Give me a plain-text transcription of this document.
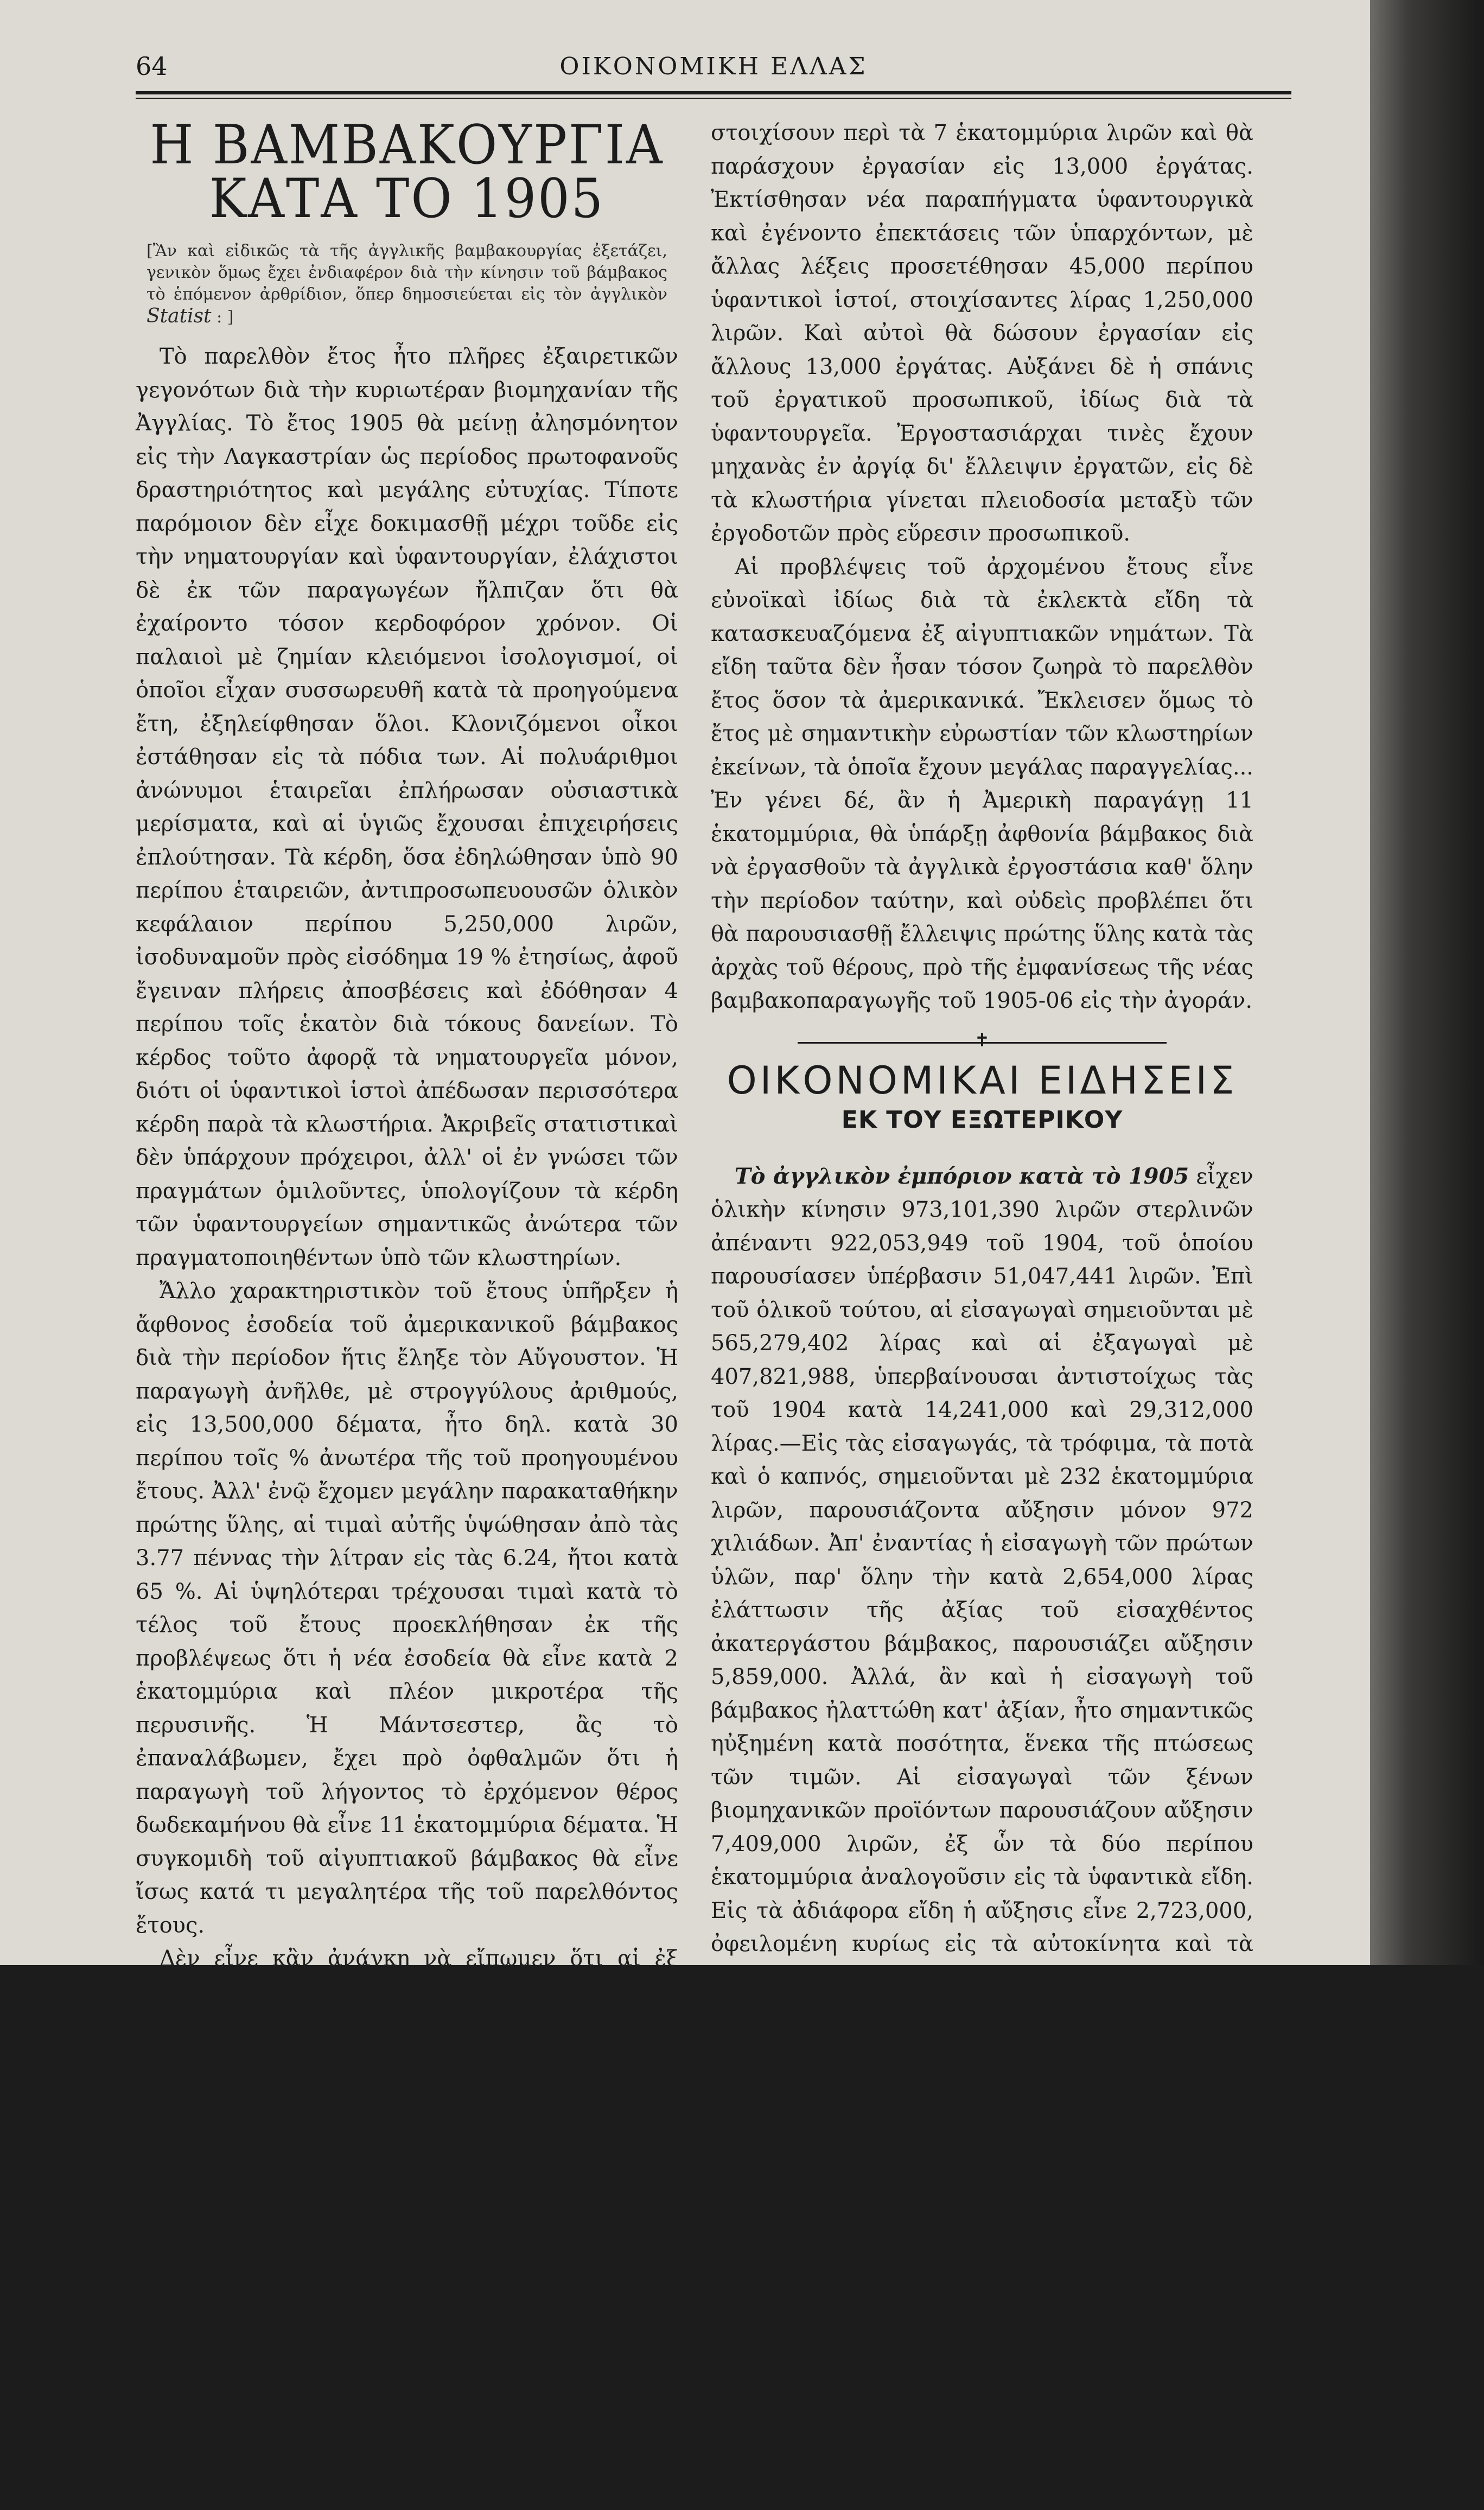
64	ΟΙΚΟΝΟΜΙΚΗ ΕΛΛΑΣ
Η ΒΑΜΒΑΚΟΥΡΓΙΑ ΚΑΤΑ ΤΟ 1905

[Ἂν καὶ εἰδικῶς τὰ τῆς ἀγγλικῆς βαμβακουργίας ἐξετάζει, γενικὸν ὅμως ἔχει ἐνδιαφέρον διὰ τὴν κίνησιν τοῦ βάμβακος τὸ ἑπόμενον ἀρθρίδιον, ὅπερ δημοσιεύεται εἰς τὸν ἀγγλικὸν Statist : ]

Τὸ παρελθὸν ἔτος ἦτο πλῆρες ἐξαιρετικῶν γεγονότων διὰ τὴν κυριωτέραν βιομηχανίαν τῆς Ἀγγλίας. Τὸ ἔτος 1905 θὰ μείνῃ ἀλησμόνητον εἰς τὴν Λαγκαστρίαν ὡς περίοδος πρωτοφανοῦς δραστηριότητος καὶ μεγάλης εὐτυχίας. Τίποτε παρόμοιον δὲν εἶχε δοκιμασθῇ μέχρι τοῦδε εἰς τὴν νηματουργίαν καὶ ὑφαντουργίαν, ἐλάχιστοι δὲ ἐκ τῶν παραγωγέων ἤλπιζαν ὅτι θὰ ἐχαίροντο τόσον κερδοφόρον χρόνον. Οἱ παλαιοὶ μὲ ζημίαν κλειόμενοι ἰσολογισμοί, οἱ ὁποῖοι εἶχαν συσσωρευθῆ κατὰ τὰ προηγούμενα ἔτη, ἐξηλείφθησαν ὅλοι. Κλονιζόμενοι οἶκοι ἐστάθησαν εἰς τὰ πόδια των. Αἱ πολυάριθμοι ἀνώνυμοι ἑταιρεῖαι ἐπλήρωσαν οὐσιαστικὰ μερίσματα, καὶ αἱ ὑγιῶς ἔχουσαι ἐπιχειρήσεις ἐπλούτησαν. Τὰ κέρδη, ὅσα ἐδηλώθησαν ὑπὸ 90 περίπου ἑταιρειῶν, ἀντιπροσωπευουσῶν ὁλικὸν κεφάλαιον περίπου 5,250,000 λιρῶν, ἰσοδυναμοῦν πρὸς εἰσόδημα 19 % ἐτησίως, ἀφοῦ ἔγειναν πλήρεις ἀποσβέσεις καὶ ἐδόθησαν 4 περίπου τοῖς ἑκατὸν διὰ τόκους δανείων. Τὸ κέρδος τοῦτο ἀφορᾷ τὰ νηματουργεῖα μόνον, διότι οἱ ὑφαντικοὶ ἱστοὶ ἀπέδωσαν περισσότερα κέρδη παρὰ τὰ κλωστήρια. Ἀκριβεῖς στατιστικαὶ δὲν ὑπάρχουν πρόχειροι, ἀλλ' οἱ ἐν γνώσει τῶν πραγμάτων ὁμιλοῦντες, ὑπολογίζουν τὰ κέρδη τῶν ὑφαντουργείων σημαντικῶς ἀνώτερα τῶν πραγματοποιηθέντων ὑπὸ τῶν κλωστηρίων.

Ἄλλο χαρακτηριστικὸν τοῦ ἔτους ὑπῆρξεν ἡ ἄφθονος ἐσοδεία τοῦ ἀμερικανικοῦ βάμβακος διὰ τὴν περίοδον ἥτις ἔληξε τὸν Αὔγουστον. Ἡ παραγωγὴ ἀνῆλθε, μὲ στρογγύλους ἀριθμούς, εἰς 13,500,000 δέματα, ἦτο δηλ. κατὰ 30 περίπου τοῖς % ἀνωτέρα τῆς τοῦ προηγουμένου ἔτους. Ἀλλ' ἐνῷ ἔχομεν μεγάλην παρακαταθήκην πρώτης ὕλης, αἱ τιμαὶ αὐτῆς ὑψώθησαν ἀπὸ τὰς 3.77 πέννας τὴν λίτραν εἰς τὰς 6.24, ἤτοι κατὰ 65 %. Αἱ ὑψηλότεραι τρέχουσαι τιμαὶ κατὰ τὸ τέλος τοῦ ἔτους προεκλήθησαν ἐκ τῆς προβλέψεως ὅτι ἡ νέα ἐσοδεία θὰ εἶνε κατὰ 2 ἑκατομμύρια καὶ πλέον μικροτέρα τῆς περυσινῆς. Ἡ Μάντσεστερ, ἂς τὸ ἐπαναλάβωμεν, ἔχει πρὸ ὀφθαλμῶν ὅτι ἡ παραγωγὴ τοῦ λήγοντος τὸ ἐρχόμενον θέρος δωδεκαμήνου θὰ εἶνε 11 ἑκατομμύρια δέματα. Ἡ συγκομιδὴ τοῦ αἰγυπτιακοῦ βάμβακος θὰ εἶνε ἴσως κατά τι μεγαλητέρα τῆς τοῦ παρελθόντος ἔτους.

Δὲν εἶνε κἂν ἀνάγκη νὰ εἴπωμεν ὅτι αἱ ἐξ Ἀγγλίας φορτώσεις βαμβακερῶν ὑφασμάτων κατὰ τὸ 1905 ἦσαν ἀνώτεραι πασῶν τῶν μέχρι τοῦδε. Μετρούμεναι εἰς ὑάρδας θ' ἀποδειχθοῦν ὅτι ὑπερέβησαν κατὰ 10 % τὰς τοῦ προηγουμένου δωδεκαμήνου· καὶ δύναται νὰ προστεθῇ ὅτι σχεδὸν ὅλοι οἱ ἀλλοδαποὶ πελάται τῆς Ἀγγλίας ηὔξησαν τὰς παραλαβάς των εἰς τσίτια τῆς Λαγκαστρίας. Αἱ ἐξαγωγαὶ τῶν βαμβακερῶν ὑφασμάτων ἦσαν ὑπερβαλλόντως μεγάλαι, ἡ δὲ εἰς βάρος ὑπέρβασις αὐτῶν, ἐν συγκρίσει πρὸς τὰς τοῦ προηγουμένου ἔτους, ὑπολογίζεται εἰς 25 %.

Τὸ 1905 εἶνε ἐποχὴ σημαντικῶν ἐπεκτάσεων εἰς τὰ κλωστήρια. Δι' ὀλίγων δύναταί τις νὰ εἴπῃ ὅτι ὑπὲρ τὰ 60 νέα κλωστήρια ἱδρύονται, τὰ ὁποῖα θὰ

στοιχίσουν περὶ τὰ 7 ἑκατομμύρια λιρῶν καὶ θὰ παράσχουν ἐργασίαν εἰς 13,000 ἐργάτας. Ἐκτίσθησαν νέα παραπήγματα ὑφαντουργικὰ καὶ ἐγένοντο ἐπεκτάσεις τῶν ὑπαρχόντων, μὲ ἄλλας λέξεις προσετέθησαν 45,000 περίπου ὑφαντικοὶ ἱστοί, στοιχίσαντες λίρας 1,250,000 λιρῶν. Καὶ αὐτοὶ θὰ δώσουν ἐργασίαν εἰς ἄλλους 13,000 ἐργάτας. Αὐξάνει δὲ ἡ σπάνις τοῦ ἐργατικοῦ προσωπικοῦ, ἰδίως διὰ τὰ ὑφαντουργεῖα. Ἐργοστασιάρχαι τινὲς ἔχουν μηχανὰς ἐν ἀργίᾳ δι' ἔλλειψιν ἐργατῶν, εἰς δὲ τὰ κλωστήρια γίνεται πλειοδοσία μεταξὺ τῶν ἐργοδοτῶν πρὸς εὕρεσιν προσωπικοῦ.

Αἱ προβλέψεις τοῦ ἀρχομένου ἔτους εἶνε εὐνοϊκαὶ ἰδίως διὰ τὰ ἐκλεκτὰ εἴδη τὰ κατασκευαζόμενα ἐξ αἰγυπτιακῶν νημάτων. Τὰ εἴδη ταῦτα δὲν ἦσαν τόσον ζωηρὰ τὸ παρελθὸν ἔτος ὅσον τὰ ἀμερικανικά. Ἔκλεισεν ὅμως τὸ ἔτος μὲ σημαντικὴν εὐρωστίαν τῶν κλωστηρίων ἐκείνων, τὰ ὁποῖα ἔχουν μεγάλας παραγγελίας... Ἐν γένει δέ, ἂν ἡ Ἀμερικὴ παραγάγῃ 11 ἑκατομμύρια, θὰ ὑπάρξῃ ἀφθονία βάμβακος διὰ νὰ ἐργασθοῦν τὰ ἀγγλικὰ ἐργοστάσια καθ' ὅλην τὴν περίοδον ταύτην, καὶ οὐδεὶς προβλέπει ὅτι θὰ παρουσιασθῇ ἔλλειψις πρώτης ὕλης κατὰ τὰς ἀρχὰς τοῦ θέρους, πρὸ τῆς ἐμφανίσεως τῆς νέας βαμβακοπαραγωγῆς τοῦ 1905-06 εἰς τὴν ἀγοράν.

✝
ΟΙΚΟΝΟΜΙΚΑΙ ΕΙΔΗΣΕΙΣ
ΕΚ ΤΟΥ ΕΞΩΤΕΡΙΚΟΥ

Τὸ ἀγγλικὸν ἐμπόριον κατὰ τὸ 1905 εἶχεν ὁλικὴν κίνησιν 973,101,390 λιρῶν στερλινῶν ἀπέναντι 922,053,949 τοῦ 1904, τοῦ ὁποίου παρουσίασεν ὑπέρβασιν 51,047,441 λιρῶν. Ἐπὶ τοῦ ὁλικοῦ τούτου, αἱ εἰσαγωγαὶ σημειοῦνται μὲ 565,279,402 λίρας καὶ αἱ ἐξαγωγαὶ μὲ 407,821,988, ὑπερβαίνουσαι ἀντιστοίχως τὰς τοῦ 1904 κατὰ 14,241,000 καὶ 29,312,000 λίρας.—Εἰς τὰς εἰσαγωγάς, τὰ τρόφιμα, τὰ ποτὰ καὶ ὁ καπνός, σημειοῦνται μὲ 232 ἑκατομμύρια λιρῶν, παρουσιάζοντα αὔξησιν μόνον 972 χιλιάδων. Ἀπ' ἐναντίας ἡ εἰσαγωγὴ τῶν πρώτων ὑλῶν, παρ' ὅλην τὴν κατὰ 2,654,000 λίρας ἐλάττωσιν τῆς ἀξίας τοῦ εἰσαχθέντος ἀκατεργάστου βάμβακος, παρουσιάζει αὔξησιν 5,859,000. Ἀλλά, ἂν καὶ ἡ εἰσαγωγὴ τοῦ βάμβακος ἠλαττώθη κατ' ἀξίαν, ἦτο σημαντικῶς ηὐξημένη κατὰ ποσότητα, ἕνεκα τῆς πτώσεως τῶν τιμῶν. Αἱ εἰσαγωγαὶ τῶν ξένων βιομηχανικῶν προϊόντων παρουσιάζουν αὔξησιν 7,409,000 λιρῶν, ἐξ ὧν τὰ δύο περίπου ἑκατομμύρια ἀναλογοῦσιν εἰς τὰ ὑφαντικὰ εἴδη. Εἰς τὰ ἀδιάφορα εἴδη ἡ αὔξησις εἶνε 2,723,000, ὀφειλομένη κυρίως εἰς τὰ αὐτοκίνητα καὶ τὰ ποδήλατα. — Εἰς τὰς ἐξαγωγάς, ἡ σημαντικὴ αὔξησις προῆλθε κυρίως ἐκ τῶν κατειργασμένων βιομηχανικῶν προϊόντων παντὸς εἴδους, καὶ ὄχι μόνον τῶν ὑφαντουργικῶν, ὡς συνέβη κατὰ τὸ 1904. Τὰ ἐκ βάμβακος ὑφάσματα καὶ νήματα σημειοῦνται μὲ αὔξησιν 8,114,000 λιρῶν καὶ τὰ ἐκ μαλλίου μὲ 2,464,000. Τὰ μέταλλα καὶ μετάλλινα ἀντικείμενα μὲ αὔξησιν 5,700,000, αἱ μηχαναὶ μὲ 2,200,000, αἱ βύρσαι μὲ 900,000 καὶ τὰ διάφορα εἴδη μὲ 2,829,000. Δέον νὰ ληφθῇ ὑπ' ὄψιν ὅτι ἡ ὕψωσις τῶν τιμῶν συνετέλεσε μεγάλως εἰς τὴν αὔξησιν τῶν ἀριθμῶν τῆς
